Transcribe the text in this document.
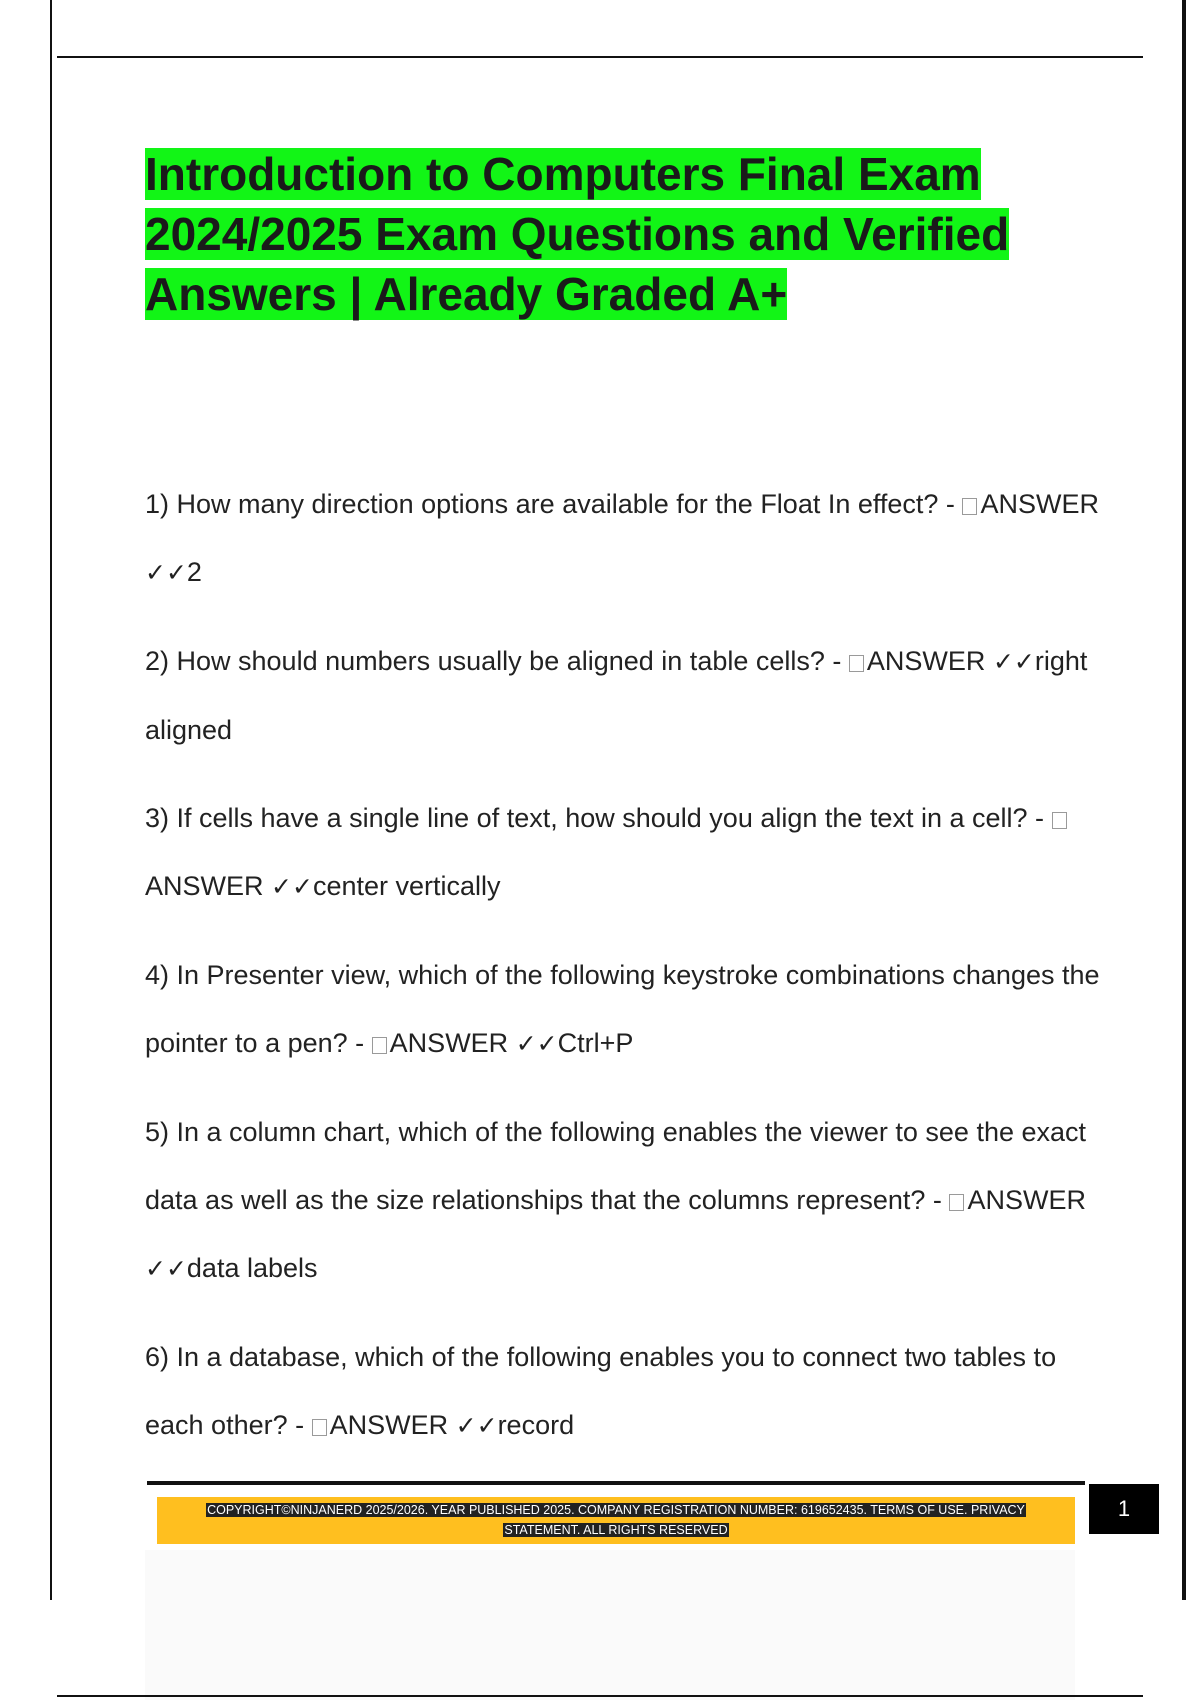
Introduction to Computers Final Exam
2024/2025 Exam Questions and Verified
Answers | Already Graded A+

1) How many direction options are available for the Float In effect? - ANSWER ✓✓2

2) How should numbers usually be aligned in table cells? - ANSWER ✓✓right aligned

3) If cells have a single line of text, how should you align the text in a cell? - ANSWER ✓✓center vertically

4) In Presenter view, which of the following keystroke combinations changes the pointer to a pen? - ANSWER ✓✓Ctrl+P

5) In a column chart, which of the following enables the viewer to see the exact data as well as the size relationships that the columns represent? - ANSWER ✓✓data labels

6) In a database, which of the following enables you to connect two tables to each other? - ANSWER ✓✓record

COPYRIGHT©NINJANERD 2025/2026. YEAR PUBLISHED 2025. COMPANY REGISTRATION NUMBER: 619652435. TERMS OF USE. PRIVACY
STATEMENT. ALL RIGHTS RESERVED

1
